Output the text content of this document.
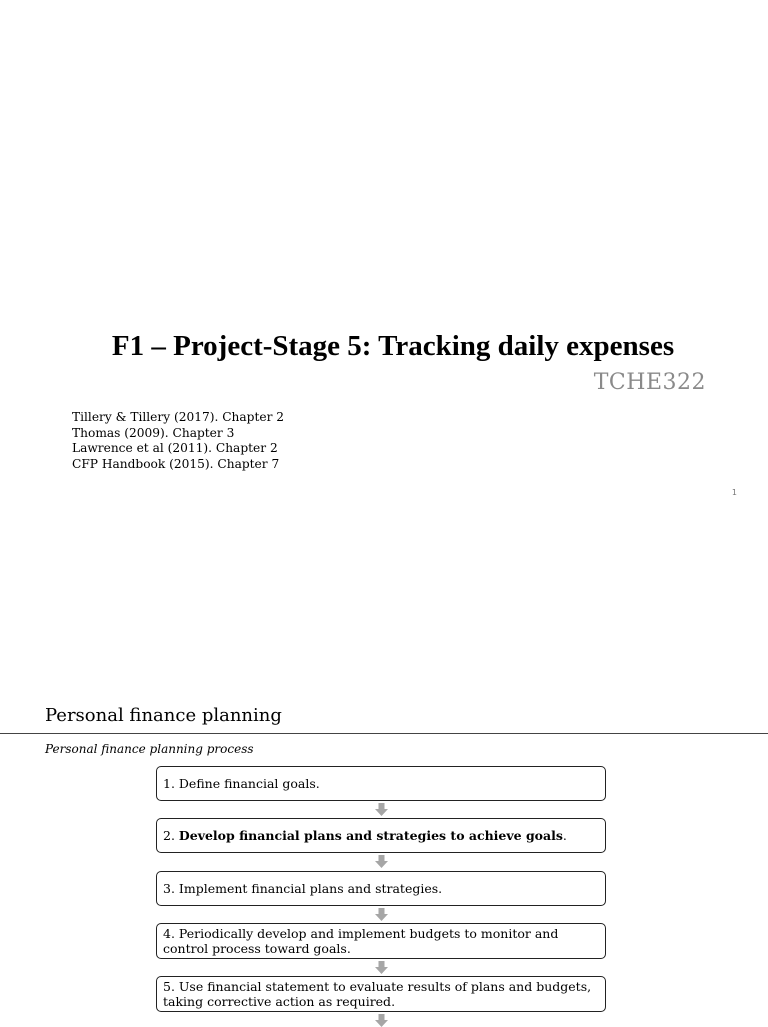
F1 – Project-Stage 5: Tracking daily expenses
TCHE322
Tillery & Tillery (2017). Chapter 2
Thomas (2009). Chapter 3
Lawrence et al (2011). Chapter 2
CFP Handbook (2015). Chapter 7
1
Personal finance planning
Personal finance planning process
1. Define financial goals.
2. Develop financial plans and strategies to achieve goals.
3. Implement financial plans and strategies.
4. Periodically develop and implement budgets to monitor and control process toward goals.
5. Use financial statement to evaluate results of plans and budgets, taking corrective action as required.
